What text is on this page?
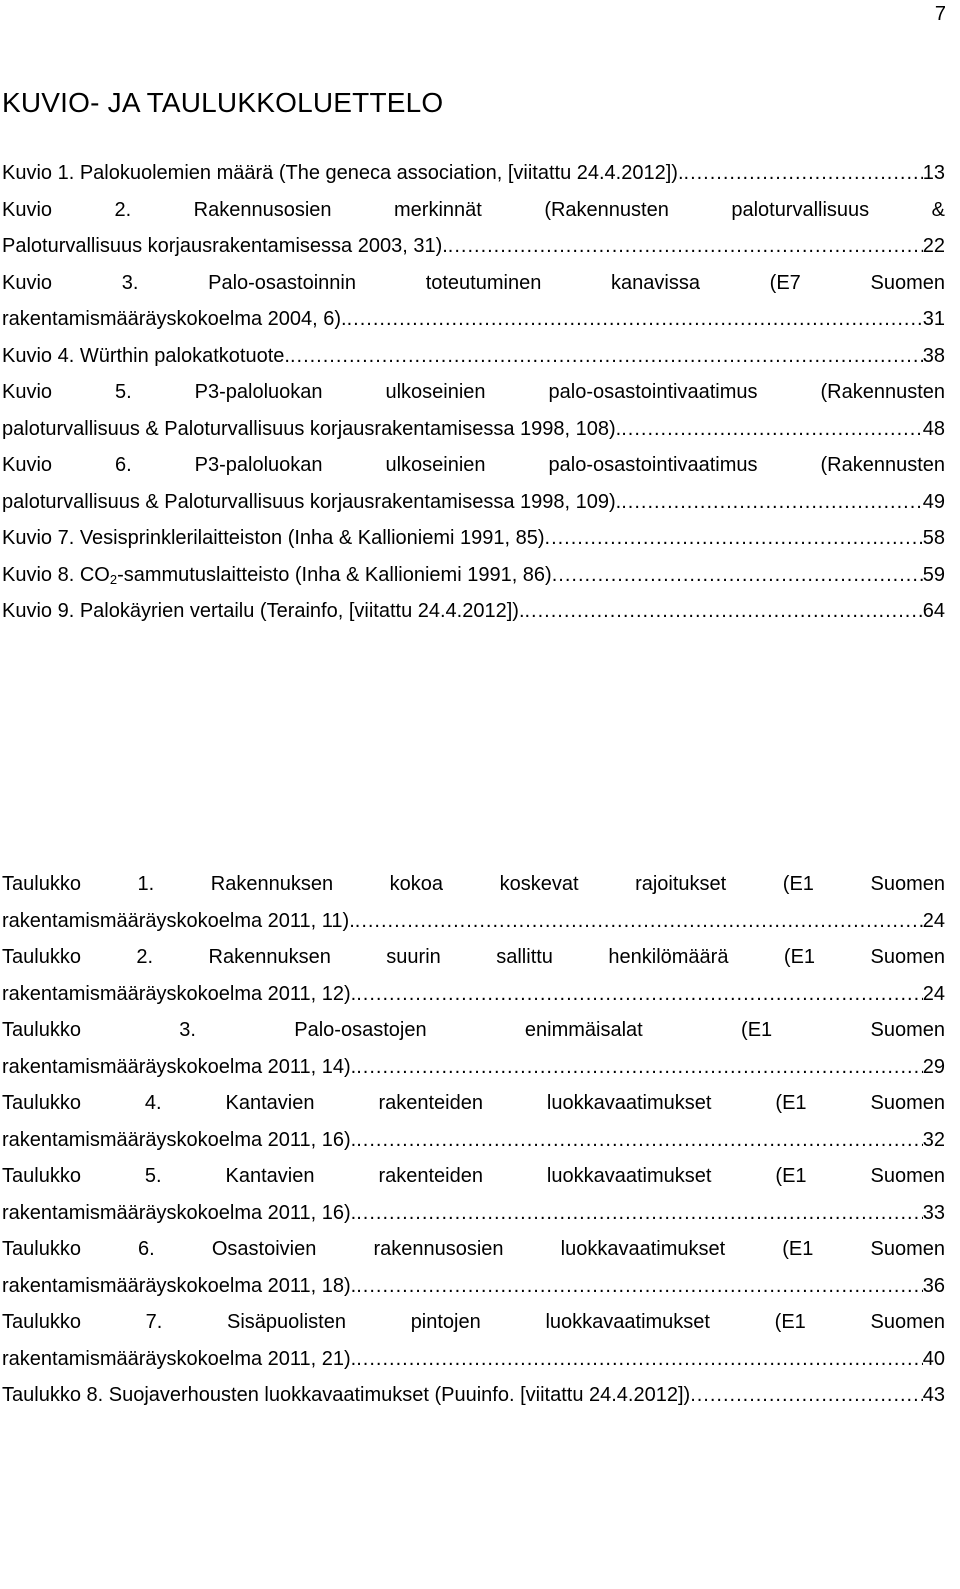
7
KUVIO- JA TAULUKKOLUETTELO
Kuvio 1. Palokuolemien määrä (The geneca association, [viitattu 24.4.2012]). .....	13
Kuvio 2. Rakennusosien merkinnät (Rakennusten paloturvallisuus &
Paloturvallisuus korjausrakentamisessa 2003, 31). .....	22
Kuvio 3. Palo-osastoinnin toteutuminen kanavissa (E7 Suomen
rakentamismääräyskokoelma 2004, 6). .....	31
Kuvio 4. Würthin palokatkotuote. .....	38
Kuvio 5. P3-paloluokan ulkoseinien palo-osastointivaatimus (Rakennusten
paloturvallisuus & Paloturvallisuus korjausrakentamisessa 1998, 108). .....	48
Kuvio 6. P3-paloluokan ulkoseinien palo-osastointivaatimus (Rakennusten
paloturvallisuus & Paloturvallisuus korjausrakentamisessa 1998, 109). .....	49
Kuvio 7. Vesisprinklerilaitteiston (Inha & Kallioniemi 1991, 85) .....	58
Kuvio 8. $CO_2$-sammutuslaitteisto (Inha & Kallioniemi 1991, 86) .....	59
Kuvio 9. Palokäyrien vertailu (Terainfo, [viitattu 24.4.2012]). .....	64
Taulukko 1. Rakennuksen kokoa koskevat rajoitukset (E1 Suomen
rakentamismääräyskokoelma 2011, 11). .....	24
Taulukko 2. Rakennuksen suurin sallittu henkilömäärä (E1 Suomen
rakentamismääräyskokoelma 2011, 12). .....	24
Taulukko 3. Palo-osastojen enimmäisalat (E1 Suomen
rakentamismääräyskokoelma 2011, 14). .....	29
Taulukko 4. Kantavien rakenteiden luokkavaatimukset (E1 Suomen
rakentamismääräyskokoelma 2011, 16). .....	32
Taulukko 5. Kantavien rakenteiden luokkavaatimukset (E1 Suomen
rakentamismääräyskokoelma 2011, 16). .....	33
Taulukko 6. Osastoivien rakennusosien luokkavaatimukset (E1 Suomen
rakentamismääräyskokoelma 2011, 18). .....	36
Taulukko 7. Sisäpuolisten pintojen luokkavaatimukset (E1 Suomen
rakentamismääräyskokoelma 2011, 21). .....	40
Taulukko 8. Suojaverhousten luokkavaatimukset (Puuinfo. [viitattu 24.4.2012]) .....	43
